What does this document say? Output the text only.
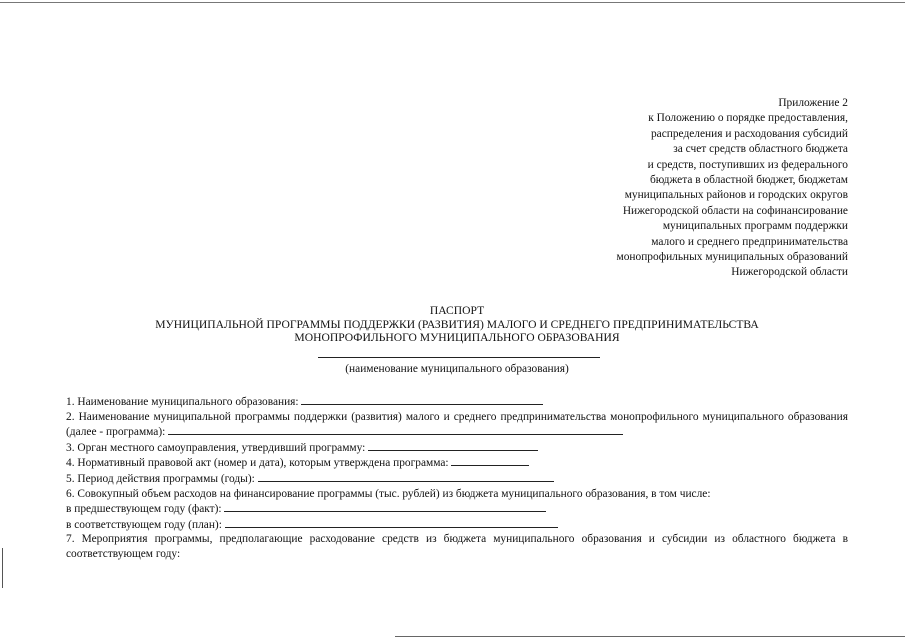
Приложение 2
к Положению о порядке предоставления,
распределения и расходования субсидий
за счет средств областного бюджета
и средств, поступивших из федерального
бюджета в областной бюджет, бюджетам
муниципальных районов и городских округов
Нижегородской области на софинансирование
муниципальных программ поддержки
малого и среднего предпринимательства
монопрофильных муниципальных образований
Нижегородской области
ПАСПОРТ
МУНИЦИПАЛЬНОЙ ПРОГРАММЫ ПОДДЕРЖКИ (РАЗВИТИЯ) МАЛОГО И СРЕДНЕГО ПРЕДПРИНИМАТЕЛЬСТВА
МОНОПРОФИЛЬНОГО МУНИЦИПАЛЬНОГО ОБРАЗОВАНИЯ
(наименование муниципального образования)
1. Наименование муниципального образования:
2. Наименование муниципальной программы поддержки (развития) малого и среднего предпринимательства монопрофильного муниципального образования (далее - программа):
3. Орган местного самоуправления, утвердивший программу:
4. Нормативный правовой акт (номер и дата), которым утверждена программа:
5. Период действия программы (годы):
6. Совокупный объем расходов на финансирование программы (тыс. рублей) из бюджета муниципального образования, в том числе:
в предшествующем году (факт):
в соответствующем году (план):
7. Мероприятия программы, предполагающие расходование средств из бюджета муниципального образования и субсидии из областного бюджета в соответствующем году:
